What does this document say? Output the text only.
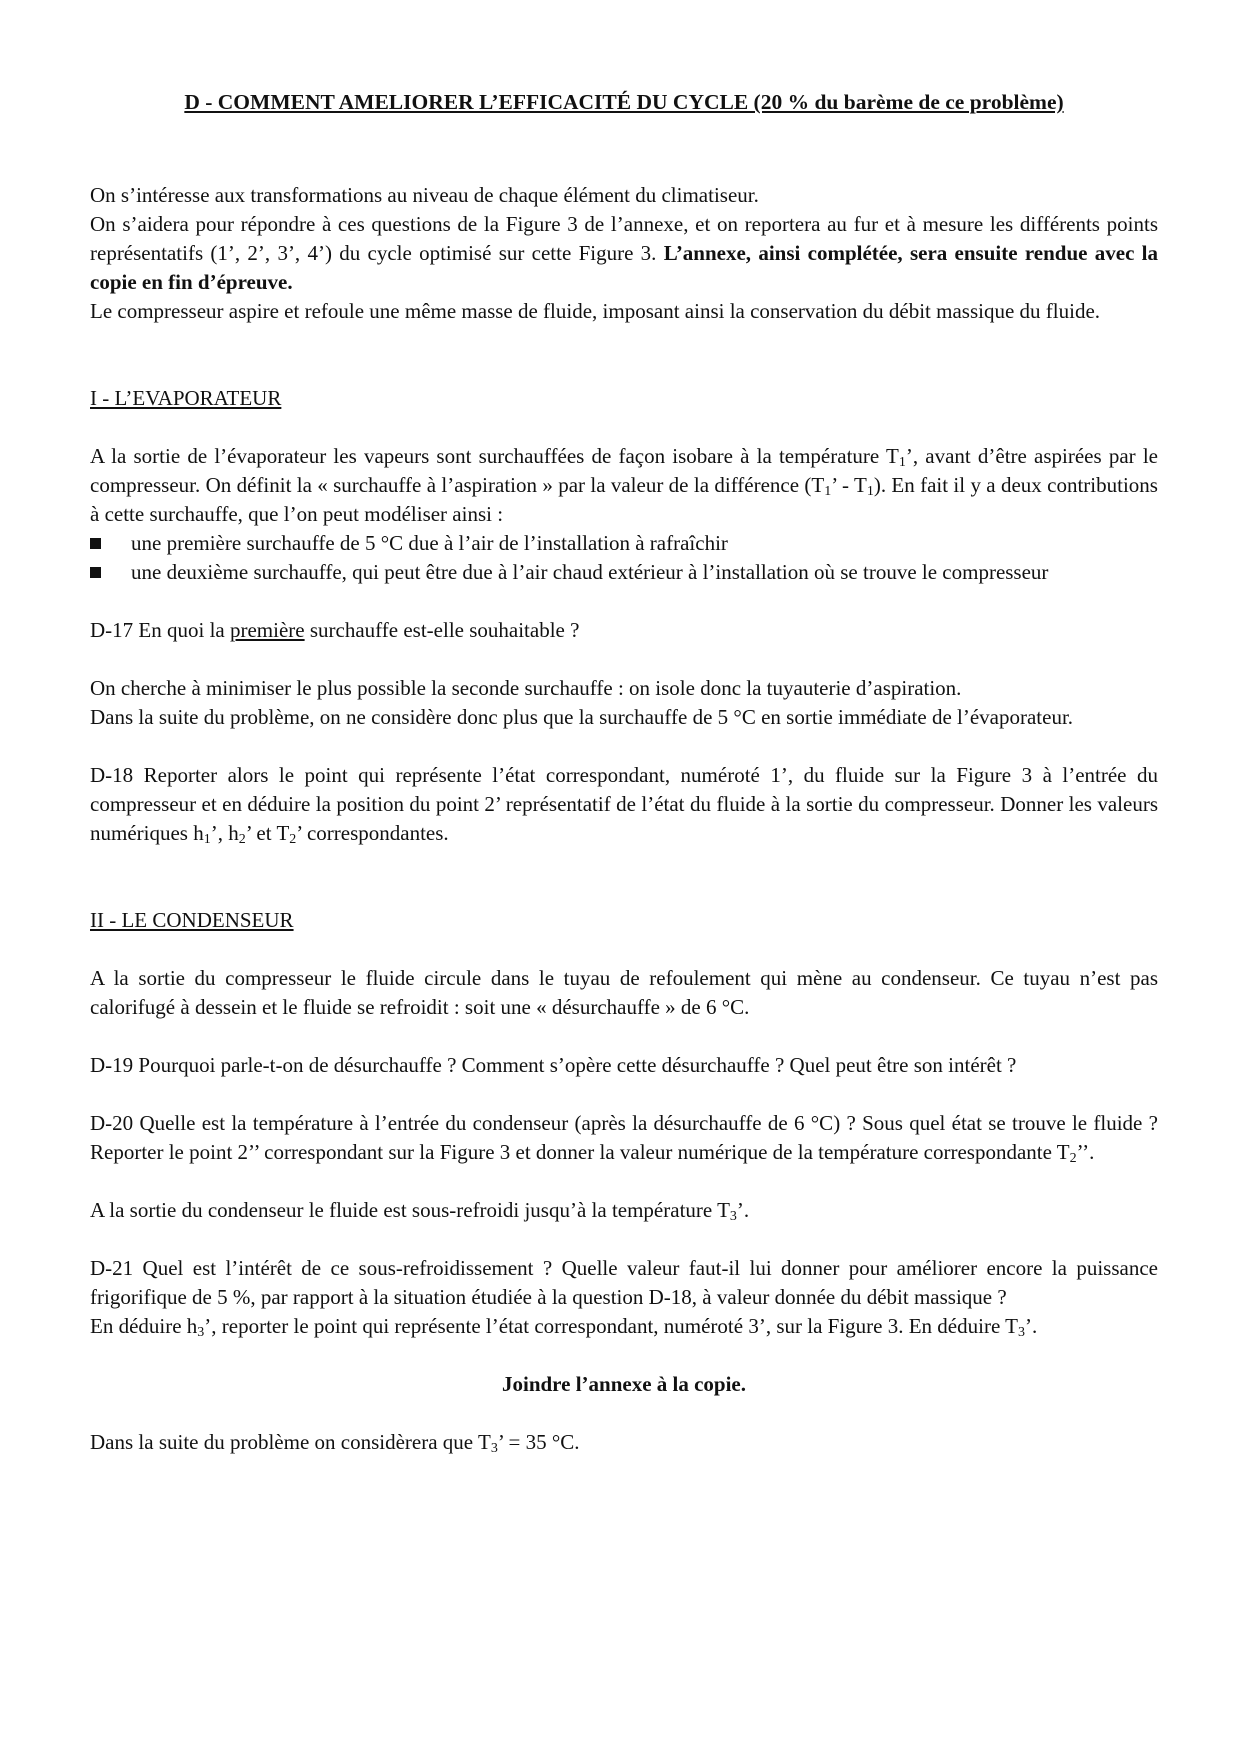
D - COMMENT AMELIORER L’EFFICACITÉ DU CYCLE (20 % du barème de ce problème)

On s’intéresse aux transformations au niveau de chaque élément du climatiseur.

On s’aidera pour répondre à ces questions de la Figure 3 de l’annexe, et on reportera au fur et à mesure les différents points représentatifs (1’, 2’, 3’, 4’) du cycle optimisé sur cette Figure 3. L’annexe, ainsi complétée, sera ensuite rendue avec la copie en fin d’épreuve.

Le compresseur aspire et refoule une même masse de fluide, imposant ainsi la conservation du débit massique du fluide.

I - L’EVAPORATEUR

A la sortie de l’évaporateur les vapeurs sont surchauffées de façon isobare à la température $T_1$’, avant d’être aspirées par le compresseur. On définit la « surchauffe à l’aspiration » par la valeur de la différence ($T_1$’ - $T_1$). En fait il y a deux contributions à cette surchauffe, que l’on peut modéliser ainsi :

une première surchauffe de 5 °C due à l’air de l’installation à rafraîchir

une deuxième surchauffe, qui peut être due à l’air chaud extérieur à l’installation où se trouve le compresseur

D-17 En quoi la première surchauffe est-elle souhaitable ?

On cherche à minimiser le plus possible la seconde surchauffe : on isole donc la tuyauterie d’aspiration.

Dans la suite du problème, on ne considère donc plus que la surchauffe de 5 °C en sortie immédiate de l’évaporateur.

D-18 Reporter alors le point qui représente l’état correspondant, numéroté 1’, du fluide sur la Figure 3 à l’entrée du compresseur et en déduire la position du point 2’ représentatif de l’état du fluide à la sortie du compresseur. Donner les valeurs numériques $h_1$’, $h_2$’ et $T_2$’ correspondantes.

II - LE CONDENSEUR

A la sortie du compresseur le fluide circule dans le tuyau de refoulement qui mène au condenseur. Ce tuyau n’est pas calorifugé à dessein et le fluide se refroidit : soit une « désurchauffe » de 6 °C.

D-19 Pourquoi parle-t-on de désurchauffe ? Comment s’opère cette désurchauffe ? Quel peut être son intérêt ?

D-20 Quelle est la température à l’entrée du condenseur (après la désurchauffe de 6 °C) ? Sous quel état se trouve le fluide ? Reporter le point 2’’ correspondant sur la Figure 3 et donner la valeur numérique de la température correspondante $T_2$’’.

A la sortie du condenseur le fluide est sous-refroidi jusqu’à la température $T_3$’.

D-21 Quel est l’intérêt de ce sous-refroidissement ? Quelle valeur faut-il lui donner pour améliorer encore la puissance frigorifique de 5 %, par rapport à la situation étudiée à la question D-18, à valeur donnée du débit massique ?

En déduire $h_3$’, reporter le point qui représente l’état correspondant, numéroté 3’, sur la Figure 3. En déduire $T_3$’.

Joindre l’annexe à la copie.

Dans la suite du problème on considèrera que $T_3$’ = 35 °C.
